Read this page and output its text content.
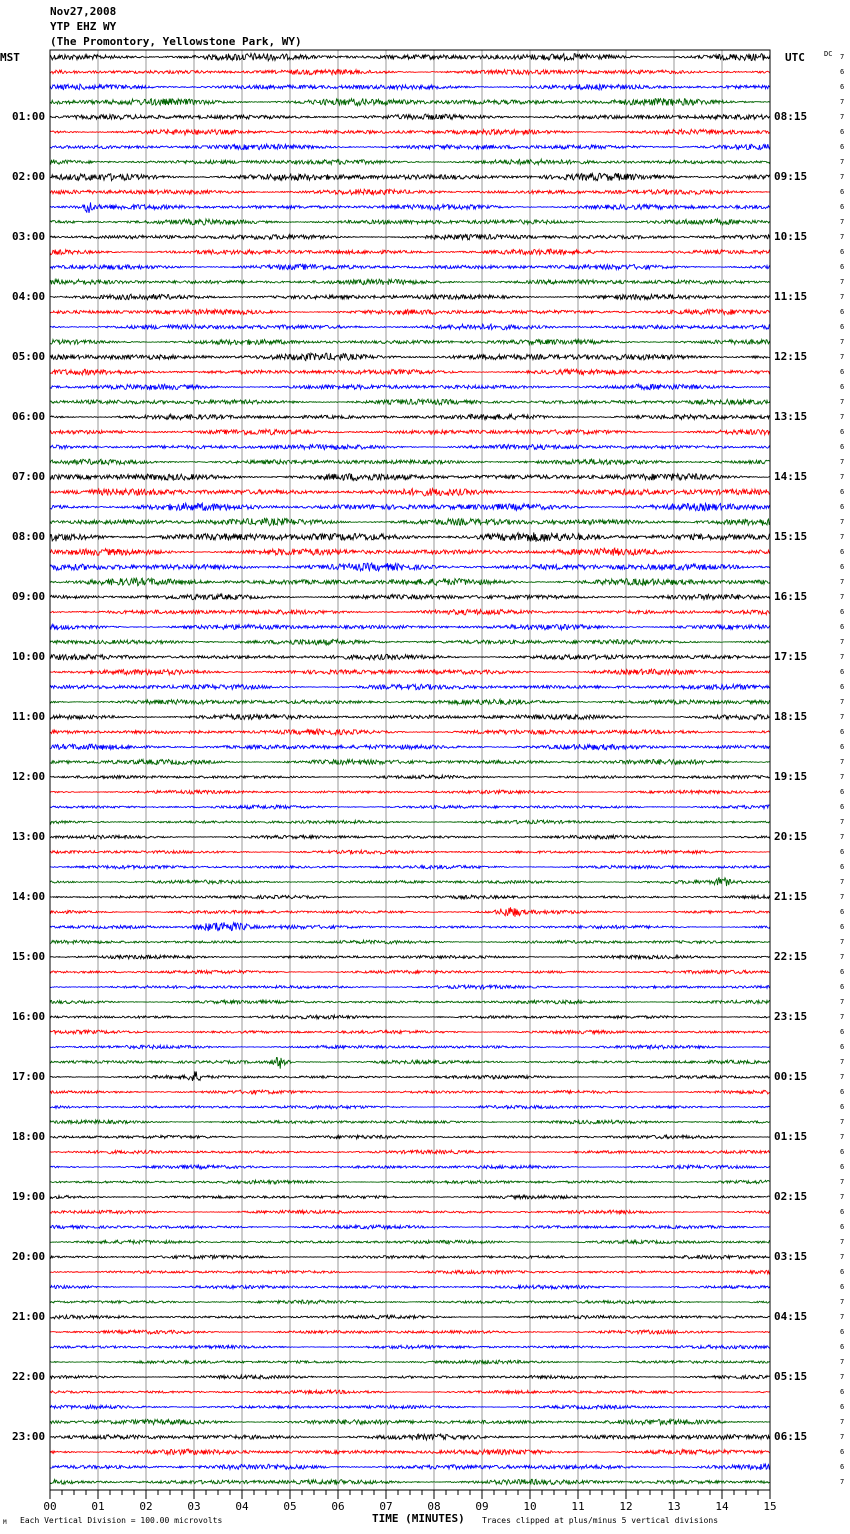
00	01	02	03	04	05	06	07	08	09	10	11	12	13	14	15
Nov27,2008
YTP EHZ WY
(The Promontory, Yellowstone Park, WY)
MST	UTC	DC
01:00
02:00
03:00
04:00
05:00
06:00
07:00
08:00
09:00
10:00
11:00
12:00
13:00
14:00
15:00
16:00
17:00
18:00
19:00
20:00
21:00
22:00
23:00
08:15
09:15
10:15
11:15
12:15
13:15
14:15
15:15
16:15
17:15
18:15
19:15
20:15
21:15
22:15
23:15
00:15
01:15
02:15
03:15
04:15
05:15
06:15
7
6
6
7
7
6
6
7
7
6
6
7
7
6
6
7
7
6
6
7
7
6
6
7
7
6
6
7
7
6
6
7
7
6
6
7
7
6
6
7
7
6
6
7
7
6
6
7
7
6
6
7
7
6
6
7
7
6
6
7
7
6
6
7
7
6
6
7
7
6
6
7
7
6
6
7
7
6
6
7
7
6
6
7
7
6
6
7
7
6
6
7
7
6
6
7
TIME (MINUTES)
M Each Vertical Division = 100.00 microvolts	Traces clipped at plus/minus 5 vertical divisions
